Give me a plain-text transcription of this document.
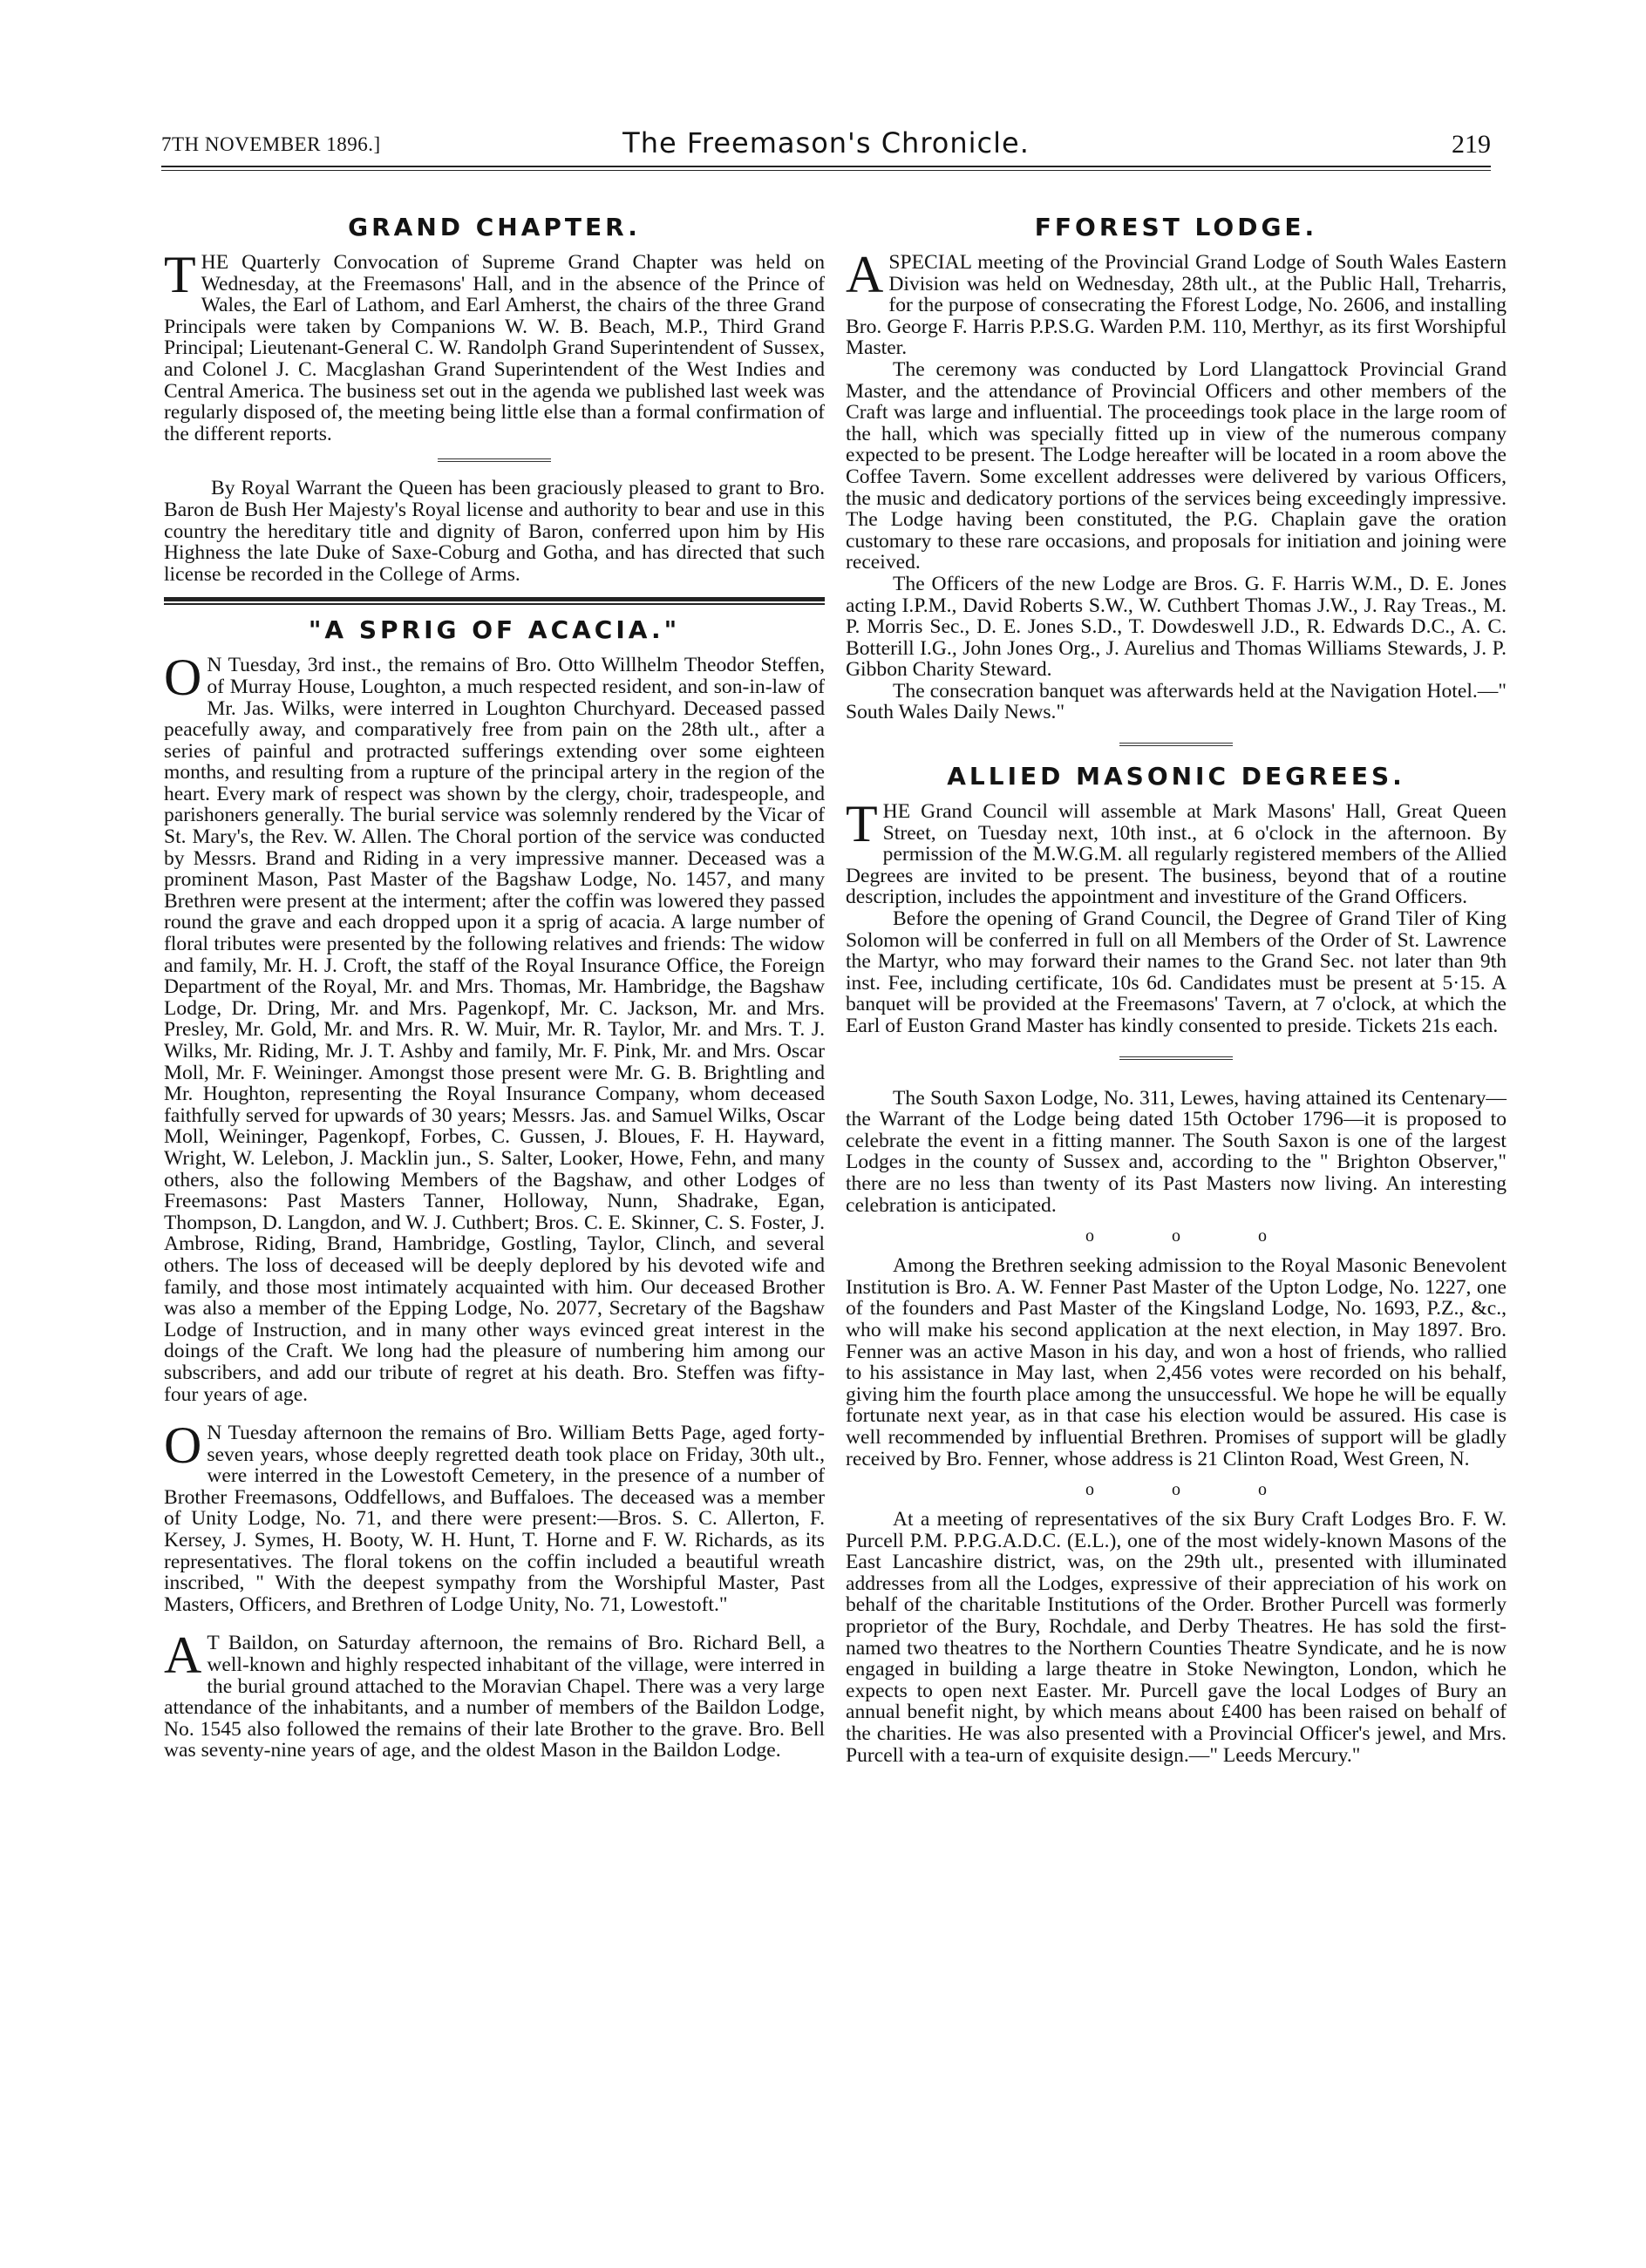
7TH NOVEMBER 1896.]	The Freemason's Chronicle.	219
GRAND CHAPTER.

THE Quarterly Convocation of Supreme Grand Chapter was held on Wednesday, at the Freemasons' Hall, and in the absence of the Prince of Wales, the Earl of Lathom, and Earl Amherst, the chairs of the three Grand Principals were taken by Companions W. W. B. Beach, M.P., Third Grand Principal; Lieutenant-General C. W. Randolph Grand Superintendent of Sussex, and Colonel J. C. Macglashan Grand Superintendent of the West Indies and Central America. The business set out in the agenda we published last week was regularly disposed of, the meeting being little else than a formal confirmation of the different reports.

By Royal Warrant the Queen has been graciously pleased to grant to Bro. Baron de Bush Her Majesty's Royal license and authority to bear and use in this country the hereditary title and dignity of Baron, conferred upon him by His Highness the late Duke of Saxe-Coburg and Gotha, and has directed that such license be recorded in the College of Arms.

"A SPRIG OF ACACIA."

O N Tuesday, 3rd inst., the remains of Bro. Otto Willhelm Theodor Steffen, of Murray House, Loughton, a much respected resident, and son-in-law of Mr. Jas. Wilks, were interred in Loughton Churchyard. Deceased passed peacefully away, and comparatively free from pain on the 28th ult., after a series of painful and protracted sufferings extending over some eighteen months, and resulting from a rupture of the principal artery in the region of the heart. Every mark of respect was shown by the clergy, choir, tradespeople, and parishoners generally. The burial service was solemnly rendered by the Vicar of St. Mary's, the Rev. W. Allen. The Choral portion of the service was conducted by Messrs. Brand and Riding in a very impressive manner. Deceased was a prominent Mason, Past Master of the Bagshaw Lodge, No. 1457, and many Brethren were present at the interment; after the coffin was lowered they passed round the grave and each dropped upon it a sprig of acacia. A large number of floral tributes were presented by the following relatives and friends: The widow and family, Mr. H. J. Croft, the staff of the Royal Insurance Office, the Foreign Department of the Royal, Mr. and Mrs. Thomas, Mr. Hambridge, the Bagshaw Lodge, Dr. Dring, Mr. and Mrs. Pagenkopf, Mr. C. Jackson, Mr. and Mrs. Presley, Mr. Gold, Mr. and Mrs. R. W. Muir, Mr. R. Taylor, Mr. and Mrs. T. J. Wilks, Mr. Riding, Mr. J. T. Ashby and family, Mr. F. Pink, Mr. and Mrs. Oscar Moll, Mr. F. Weininger. Amongst those present were Mr. G. B. Brightling and Mr. Houghton, representing the Royal Insurance Company, whom deceased faithfully served for upwards of 30 years; Messrs. Jas. and Samuel Wilks, Oscar Moll, Weininger, Pagenkopf, Forbes, C. Gussen, J. Bloues, F. H. Hayward, Wright, W. Lelebon, J. Macklin jun., S. Salter, Looker, Howe, Fehn, and many others, also the following Members of the Bagshaw, and other Lodges of Freemasons: Past Masters Tanner, Holloway, Nunn, Shadrake, Egan, Thompson, D. Langdon, and W. J. Cuthbert; Bros. C. E. Skinner, C. S. Foster, J. Ambrose, Riding, Brand, Hambridge, Gostling, Taylor, Clinch, and several others. The loss of deceased will be deeply deplored by his devoted wife and family, and those most intimately acquainted with him. Our deceased Brother was also a member of the Epping Lodge, No. 2077, Secretary of the Bagshaw Lodge of Instruction, and in many other ways evinced great interest in the doings of the Craft. We long had the pleasure of numbering him among our subscribers, and add our tribute of regret at his death. Bro. Steffen was fifty-four years of age.

O N Tuesday afternoon the remains of Bro. William Betts Page, aged forty-seven years, whose deeply regretted death took place on Friday, 30th ult., were interred in the Lowestoft Cemetery, in the presence of a number of Brother Freemasons, Oddfellows, and Buffaloes. The deceased was a member of Unity Lodge, No. 71, and there were present:—Bros. S. C. Allerton, F. Kersey, J. Symes, H. Booty, W. H. Hunt, T. Horne and F. W. Richards, as its representatives. The floral tokens on the coffin included a beautiful wreath inscribed, " With the deepest sympathy from the Worshipful Master, Past Masters, Officers, and Brethren of Lodge Unity, No. 71, Lowestoft."

A T Baildon, on Saturday afternoon, the remains of Bro. Richard Bell, a well-known and highly respected inhabitant of the village, were interred in the burial ground attached to the Moravian Chapel. There was a very large attendance of the inhabitants, and a number of members of the Baildon Lodge, No. 1545 also followed the remains of their late Brother to the grave. Bro. Bell was seventy-nine years of age, and the oldest Mason in the Baildon Lodge.

FFOREST LODGE.

A SPECIAL meeting of the Provincial Grand Lodge of South Wales Eastern Division was held on Wednesday, 28th ult., at the Public Hall, Treharris, for the purpose of consecrating the Fforest Lodge, No. 2606, and installing Bro. George F. Harris P.P.S.G. Warden P.M. 110, Merthyr, as its first Worshipful Master.

The ceremony was conducted by Lord Llangattock Provincial Grand Master, and the attendance of Provincial Officers and other members of the Craft was large and influential. The proceedings took place in the large room of the hall, which was specially fitted up in view of the numerous company expected to be present. The Lodge hereafter will be located in a room above the Coffee Tavern. Some excellent addresses were delivered by various Officers, the music and dedicatory portions of the services being exceedingly impressive. The Lodge having been constituted, the P.G. Chaplain gave the oration customary to these rare occasions, and proposals for initiation and joining were received.

The Officers of the new Lodge are Bros. G. F. Harris W.M., D. E. Jones acting I.P.M., David Roberts S.W., W. Cuthbert Thomas J.W., J. Ray Treas., M. P. Morris Sec., D. E. Jones S.D., T. Dowdeswell J.D., R. Edwards D.C., A. C. Botterill I.G., John Jones Org., J. Aurelius and Thomas Williams Stewards, J. P. Gibbon Charity Steward.

The consecration banquet was afterwards held at the Navigation Hotel.—" South Wales Daily News."

ALLIED MASONIC DEGREES.

THE Grand Council will assemble at Mark Masons' Hall, Great Queen Street, on Tuesday next, 10th inst., at 6 o'clock in the afternoon. By permission of the M.W.G.M. all regularly registered members of the Allied Degrees are invited to be present. The business, beyond that of a routine description, includes the appointment and investiture of the Grand Officers.

Before the opening of Grand Council, the Degree of Grand Tiler of King Solomon will be conferred in full on all Members of the Order of St. Lawrence the Martyr, who may forward their names to the Grand Sec. not later than 9th inst. Fee, including certificate, 10s 6d. Candidates must be present at 5·15. A banquet will be provided at the Freemasons' Tavern, at 7 o'clock, at which the Earl of Euston Grand Master has kindly consented to preside. Tickets 21s each.

The South Saxon Lodge, No. 311, Lewes, having attained its Centenary—the Warrant of the Lodge being dated 15th October 1796—it is proposed to celebrate the event in a fitting manner. The South Saxon is one of the largest Lodges in the county of Sussex and, according to the " Brighton Observer," there are no less than twenty of its Past Masters now living. An interesting celebration is anticipated.

o o o

Among the Brethren seeking admission to the Royal Masonic Benevolent Institution is Bro. A. W. Fenner Past Master of the Upton Lodge, No. 1227, one of the founders and Past Master of the Kingsland Lodge, No. 1693, P.Z., &c., who will make his second application at the next election, in May 1897. Bro. Fenner was an active Mason in his day, and won a host of friends, who rallied to his assistance in May last, when 2,456 votes were recorded on his behalf, giving him the fourth place among the unsuccessful. We hope he will be equally fortunate next year, as in that case his election would be assured. His case is well recommended by influential Brethren. Promises of support will be gladly received by Bro. Fenner, whose address is 21 Clinton Road, West Green, N.

o o o

At a meeting of representatives of the six Bury Craft Lodges Bro. F. W. Purcell P.M. P.P.G.A.D.C. (E.L.), one of the most widely-known Masons of the East Lancashire district, was, on the 29th ult., presented with illuminated addresses from all the Lodges, expressive of their appreciation of his work on behalf of the charitable Institutions of the Order. Brother Purcell was formerly proprietor of the Bury, Rochdale, and Derby Theatres. He has sold the first-named two theatres to the Northern Counties Theatre Syndicate, and he is now engaged in building a large theatre in Stoke Newington, London, which he expects to open next Easter. Mr. Purcell gave the local Lodges of Bury an annual benefit night, by which means about £400 has been raised on behalf of the charities. He was also presented with a Provincial Officer's jewel, and Mrs. Purcell with a tea-urn of exquisite design.—" Leeds Mercury."
